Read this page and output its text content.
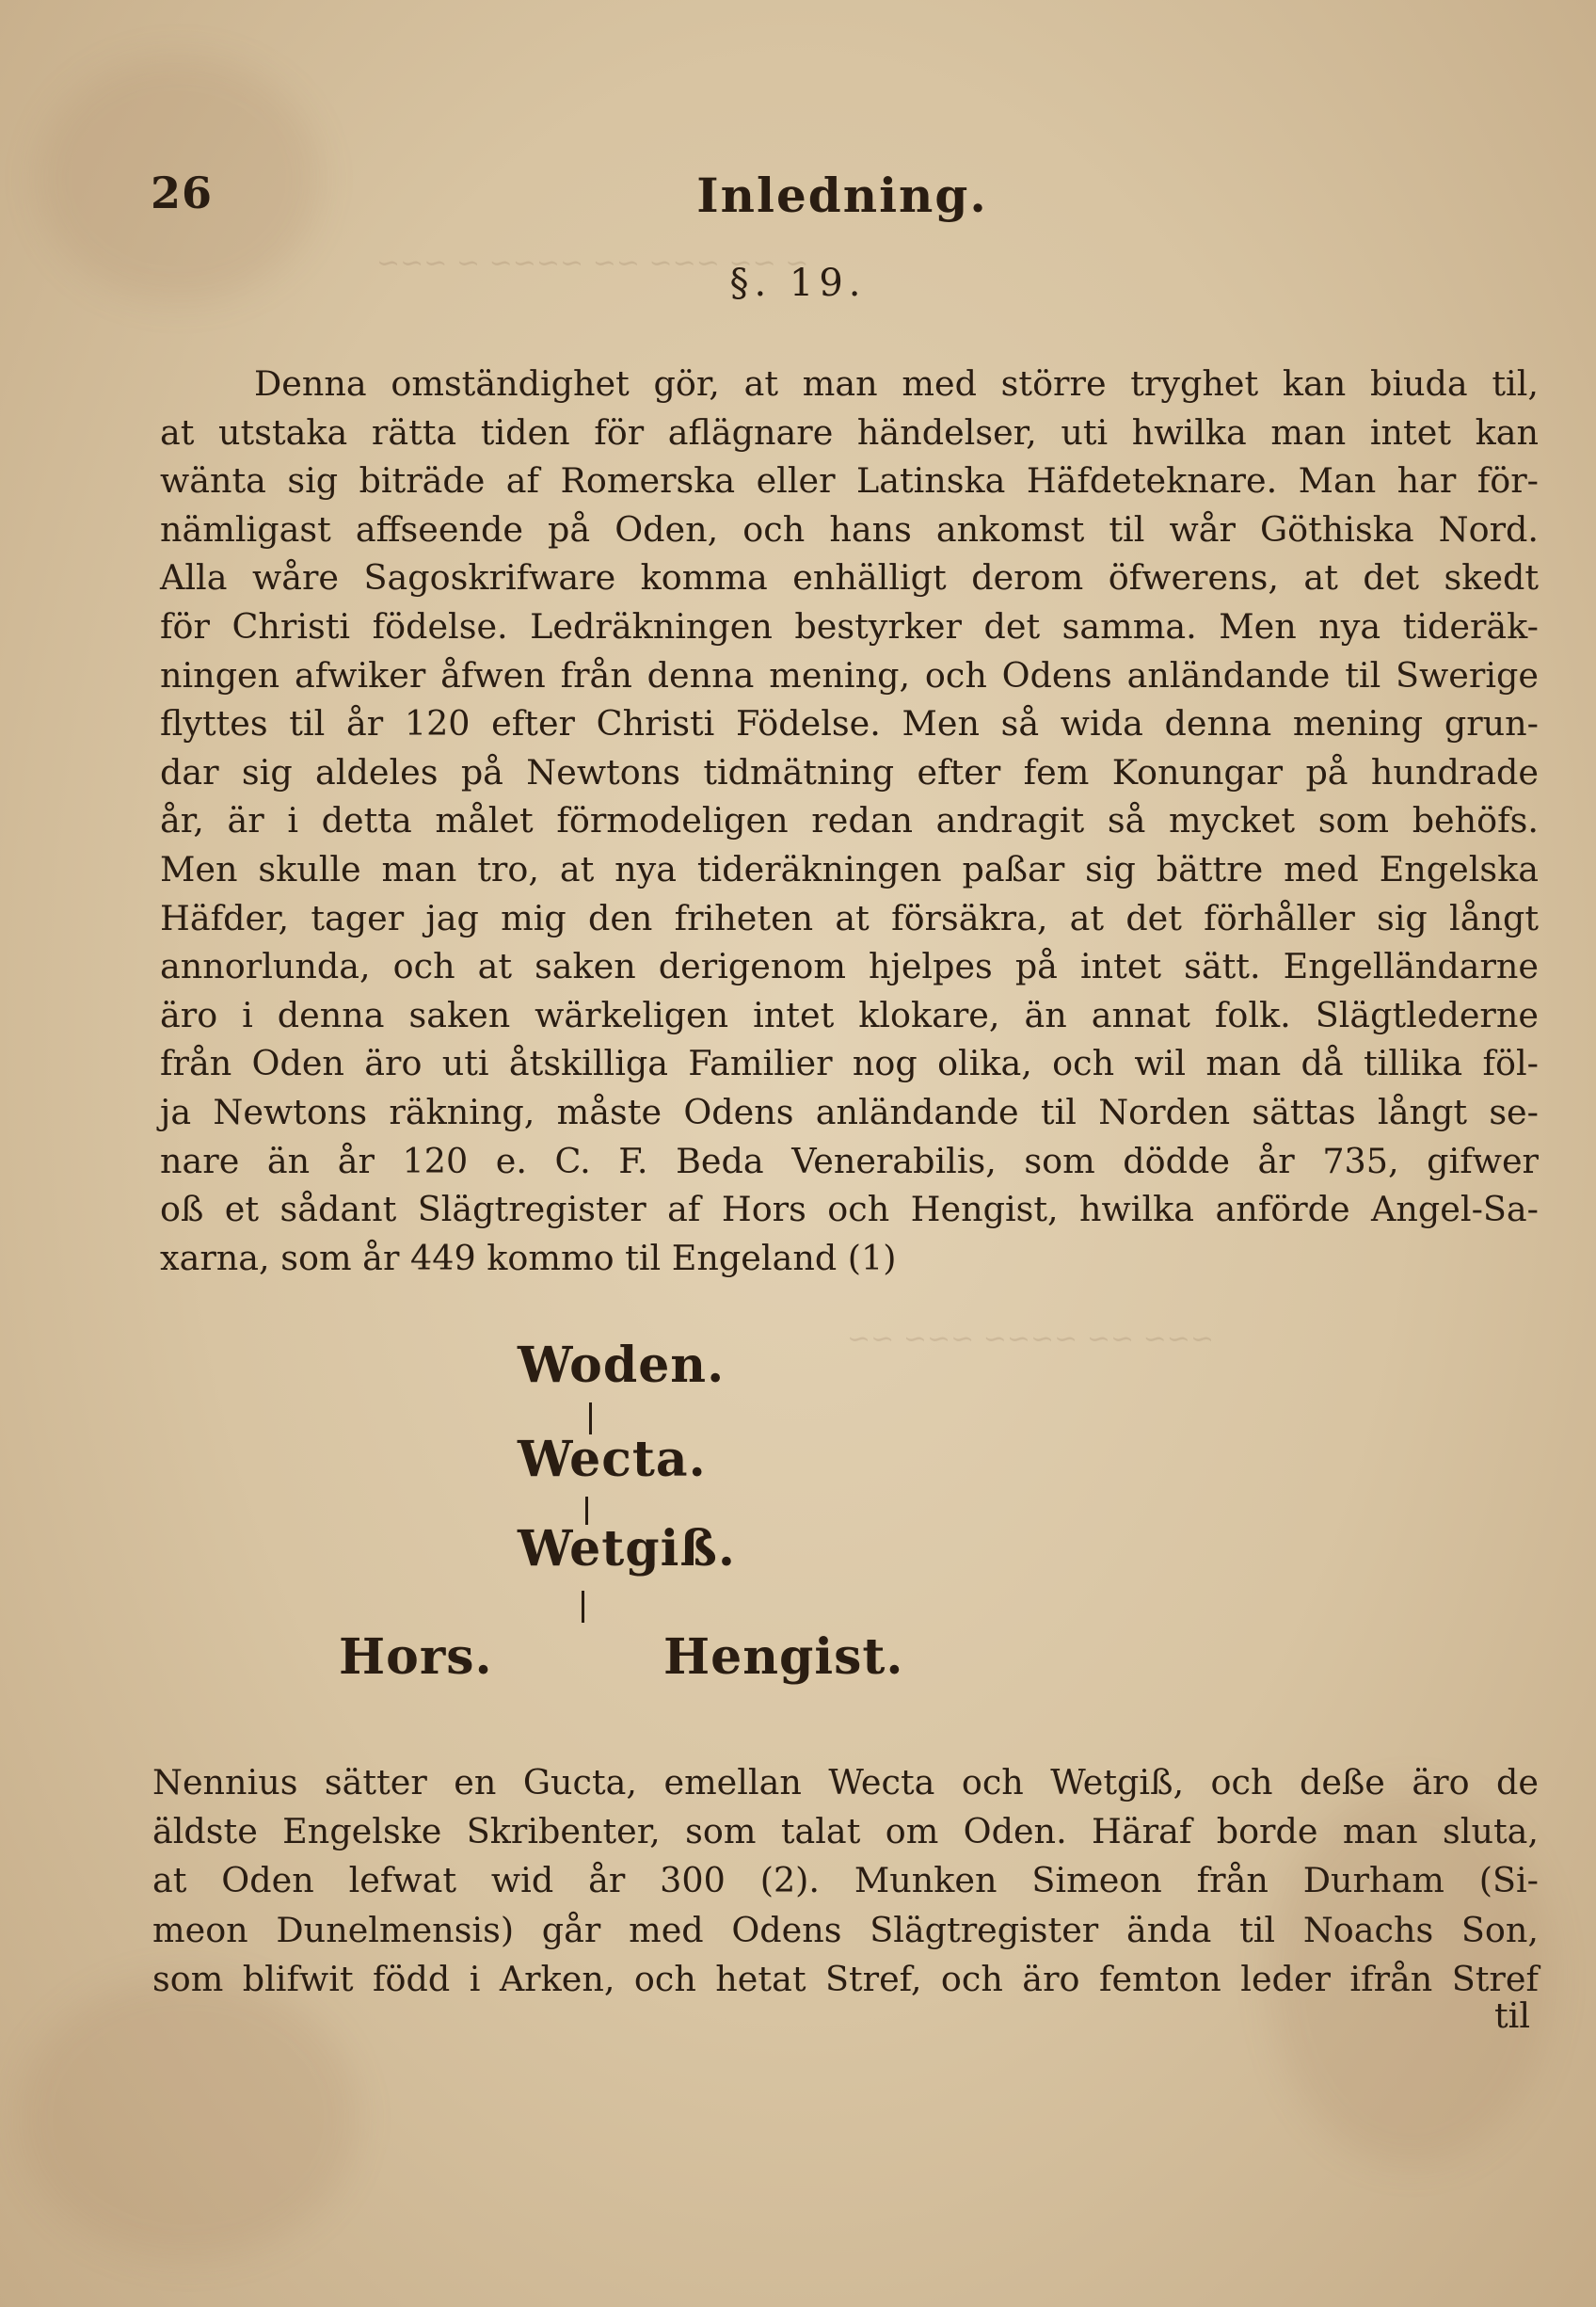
~ ~~ ~~~ ~~ ~~~~ ~ ~~~
~~~ ~~ ~~~~ ~~~ ~~
Inledning.
26
§. 19.
Denna omständighet gör, at man med större tryghet kan biuda til,
at utstaka rätta tiden för aflägnare händelser, uti hwilka man intet kan
wänta sig biträde af Romerska eller Latinska Häfdeteknare. Man har för-
nämligast affseende på Oden, och hans ankomst til wår Göthiska Nord.
Alla wåre Sagoskrifware komma enhälligt derom öfwerens, at det skedt
för Christi födelse. Ledräkningen bestyrker det samma. Men nya tideräk-
ningen afwiker åfwen från denna mening, och Odens anländande til Swerige
flyttes til år 120 efter Christi Födelse. Men så wida denna mening grun-
dar sig aldeles på Newtons tidmätning efter fem Konungar på hundrade
år, är i detta målet förmodeligen redan andragit så mycket som behöfs.
Men skulle man tro, at nya tideräkningen paßar sig bättre med Engelska
Häfder, tager jag mig den friheten at försäkra, at det förhåller sig långt
annorlunda, och at saken derigenom hjelpes på intet sätt. Engelländarne
äro i denna saken wärkeligen intet klokare, än annat folk. Slägtlederne
från Oden äro uti åtskilliga Familier nog olika, och wil man då tillika föl-
ja Newtons räkning, måste Odens anländande til Norden sättas långt se-
nare än år 120 e. C. F. Beda Venerabilis, som dödde år 735, gifwer
oß et sådant Slägtregister af Hors och Hengist, hwilka anförde Angel-Sa-
xarna, som år 449 kommo til Engeland (1)
Woden.
Wecta.
Wetgiß.
Hors.	Hengist.
Nennius sätter en Gucta, emellan Wecta och Wetgiß, och deße äro de
äldste Engelske Skribenter, som talat om Oden. Häraf borde man sluta,
at Oden lefwat wid år 300 (2). Munken Simeon från Durham (Si-
meon Dunelmensis) går med Odens Slägtregister ända til Noachs Son,
som blifwit född i Arken, och hetat Stref, och äro femton leder ifrån Stref
til
